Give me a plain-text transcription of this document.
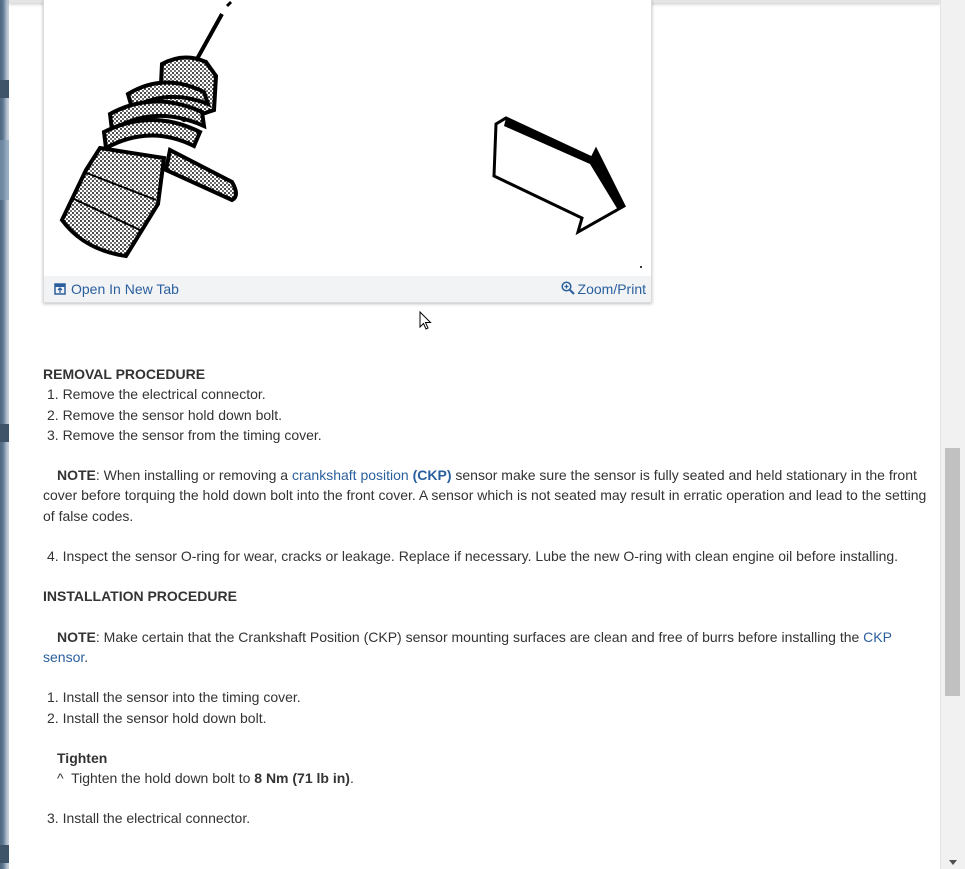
Open In New Tab	Zoom/Print

REMOVAL PROCEDURE

1. Remove the electrical connector.

2. Remove the sensor hold down bolt.

3. Remove the sensor from the timing cover.

NOTE: When installing or removing a crankshaft position (CKP) sensor make sure the sensor is fully seated and held stationary in the front cover before torquing the hold down bolt into the front cover. A sensor which is not seated may result in erratic operation and lead to the setting of false codes.

4. Inspect the sensor O-ring for wear, cracks or leakage. Replace if necessary. Lube the new O-ring with clean engine oil before installing.

INSTALLATION PROCEDURE

NOTE: Make certain that the Crankshaft Position (CKP) sensor mounting surfaces are clean and free of burrs before installing the CKP sensor.

1. Install the sensor into the timing cover.

2. Install the sensor hold down bolt.

Tighten

^  Tighten the hold down bolt to 8 Nm (71 lb in).

3. Install the electrical connector.
